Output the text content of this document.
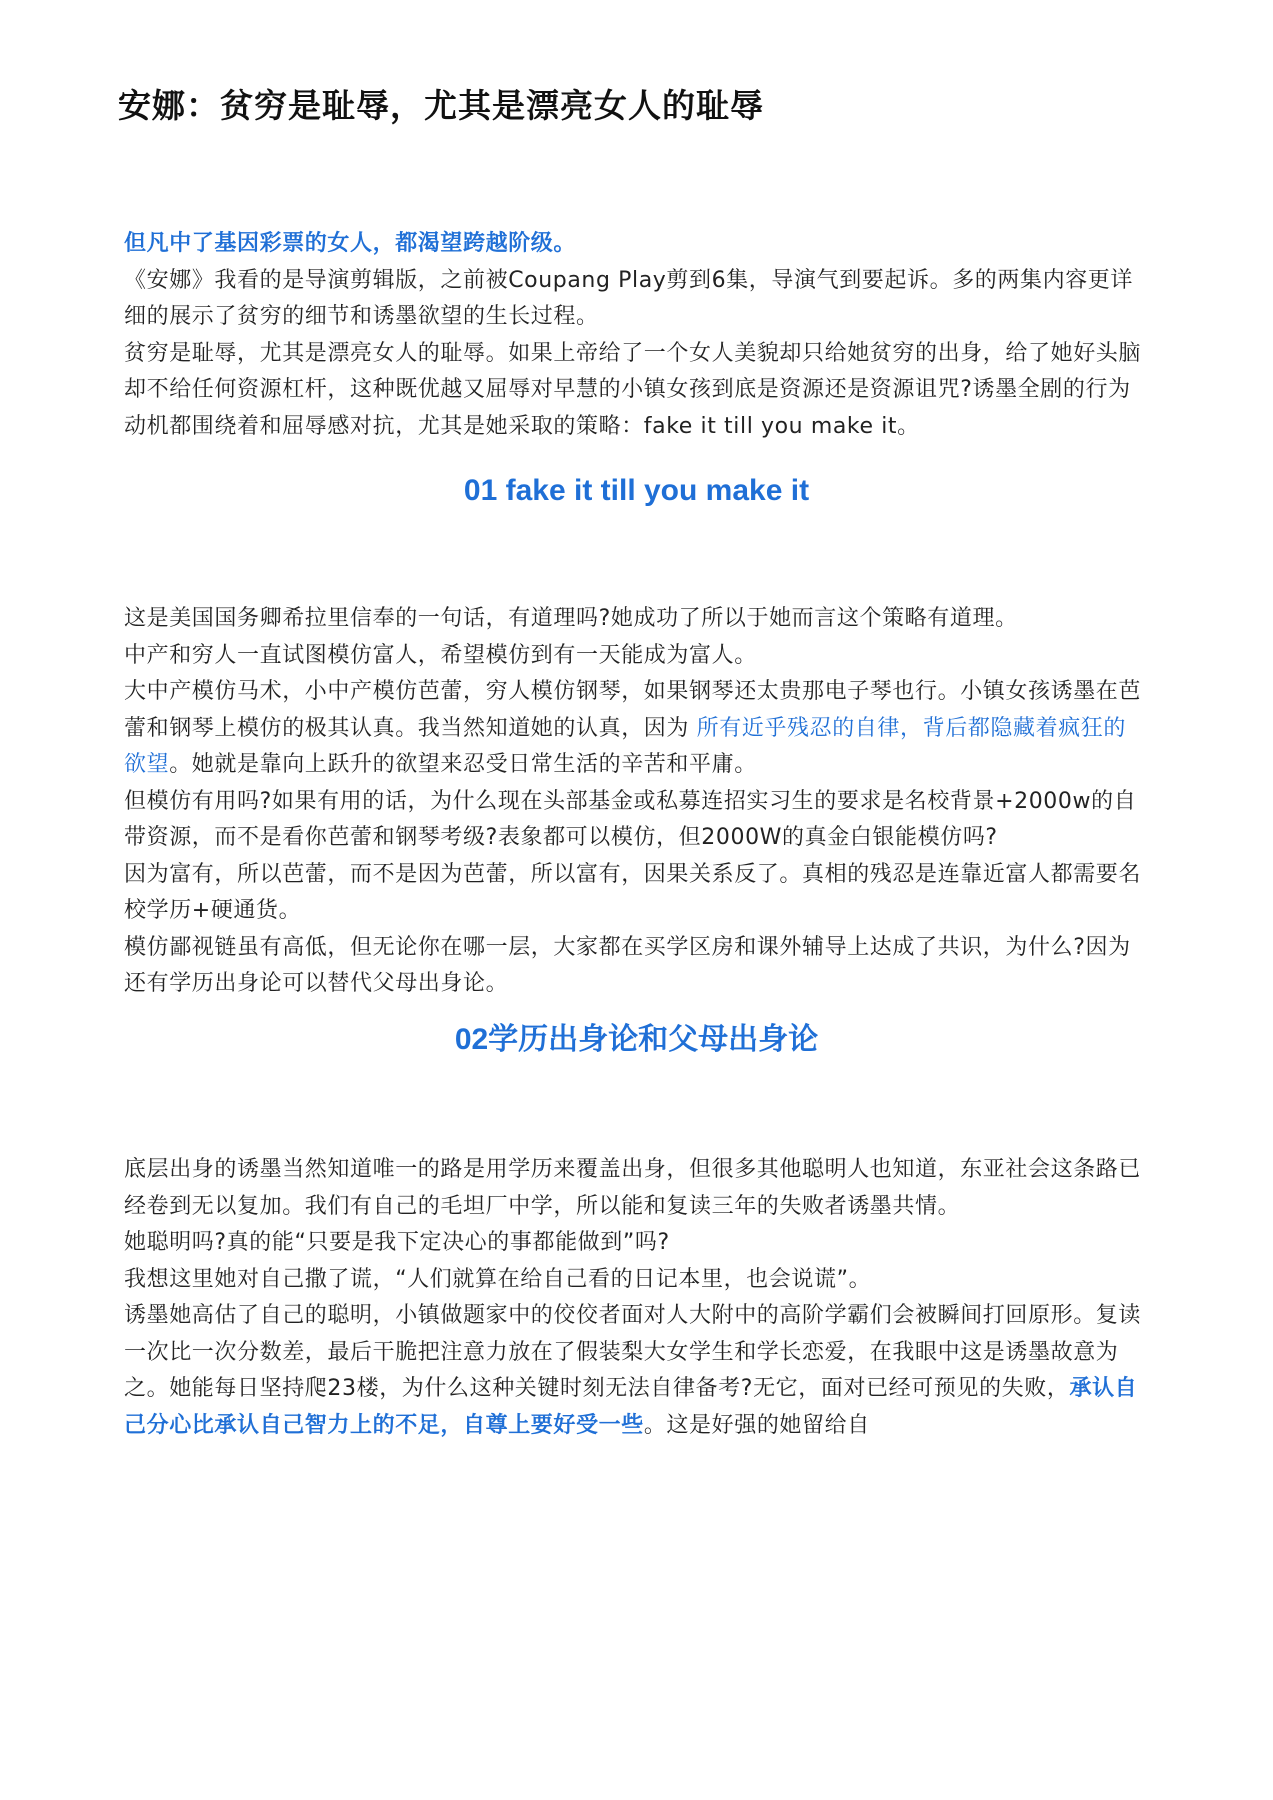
安娜：贫穷是耻辱，尤其是漂亮女人的耻辱

但凡中了基因彩票的女人，都渴望跨越阶级。

《安娜》我看的是导演剪辑版，之前被Coupang Play剪到6集，导演气到要起诉。多的两集内容更详细的展示了贫穷的细节和诱墨欲望的生长过程。

贫穷是耻辱，尤其是漂亮女人的耻辱。如果上帝给了一个女人美貌却只给她贫穷的出身，给了她好头脑却不给任何资源杠杆，这种既优越又屈辱对早慧的小镇女孩到底是资源还是资源诅咒?诱墨全剧的行为动机都围绕着和屈辱感对抗，尤其是她采取的策略：fake it till you make it。

01 fake it till you make it

这是美国国务卿希拉里信奉的一句话，有道理吗?她成功了所以于她而言这个策略有道理。

中产和穷人一直试图模仿富人，希望模仿到有一天能成为富人。

大中产模仿马术，小中产模仿芭蕾，穷人模仿钢琴，如果钢琴还太贵那电子琴也行。小镇女孩诱墨在芭蕾和钢琴上模仿的极其认真。我当然知道她的认真，因为 所有近乎残忍的自律，背后都隐藏着疯狂的欲望。她就是靠向上跃升的欲望来忍受日常生活的辛苦和平庸。

但模仿有用吗?如果有用的话，为什么现在头部基金或私募连招实习生的要求是名校背景+2000w的自带资源，而不是看你芭蕾和钢琴考级?表象都可以模仿，但2000W的真金白银能模仿吗?

因为富有，所以芭蕾，而不是因为芭蕾，所以富有，因果关系反了。真相的残忍是连靠近富人都需要名校学历+硬通货。

模仿鄙视链虽有高低，但无论你在哪一层，大家都在买学区房和课外辅导上达成了共识，为什么?因为还有学历出身论可以替代父母出身论。

02学历出身论和父母出身论

底层出身的诱墨当然知道唯一的路是用学历来覆盖出身，但很多其他聪明人也知道，东亚社会这条路已经卷到无以复加。我们有自己的毛坦厂中学，所以能和复读三年的失败者诱墨共情。

她聪明吗?真的能“只要是我下定决心的事都能做到”吗?

我想这里她对自己撒了谎，“人们就算在给自己看的日记本里，也会说谎”。

诱墨她高估了自己的聪明，小镇做题家中的佼佼者面对人大附中的高阶学霸们会被瞬间打回原形。复读一次比一次分数差，最后干脆把注意力放在了假装梨大女学生和学长恋爱，在我眼中这是诱墨故意为之。她能每日坚持爬23楼，为什么这种关键时刻无法自律备考?无它，面对已经可预见的失败，承认自己分心比承认自己智力上的不足，自尊上要好受一些。这是好强的她留给自
